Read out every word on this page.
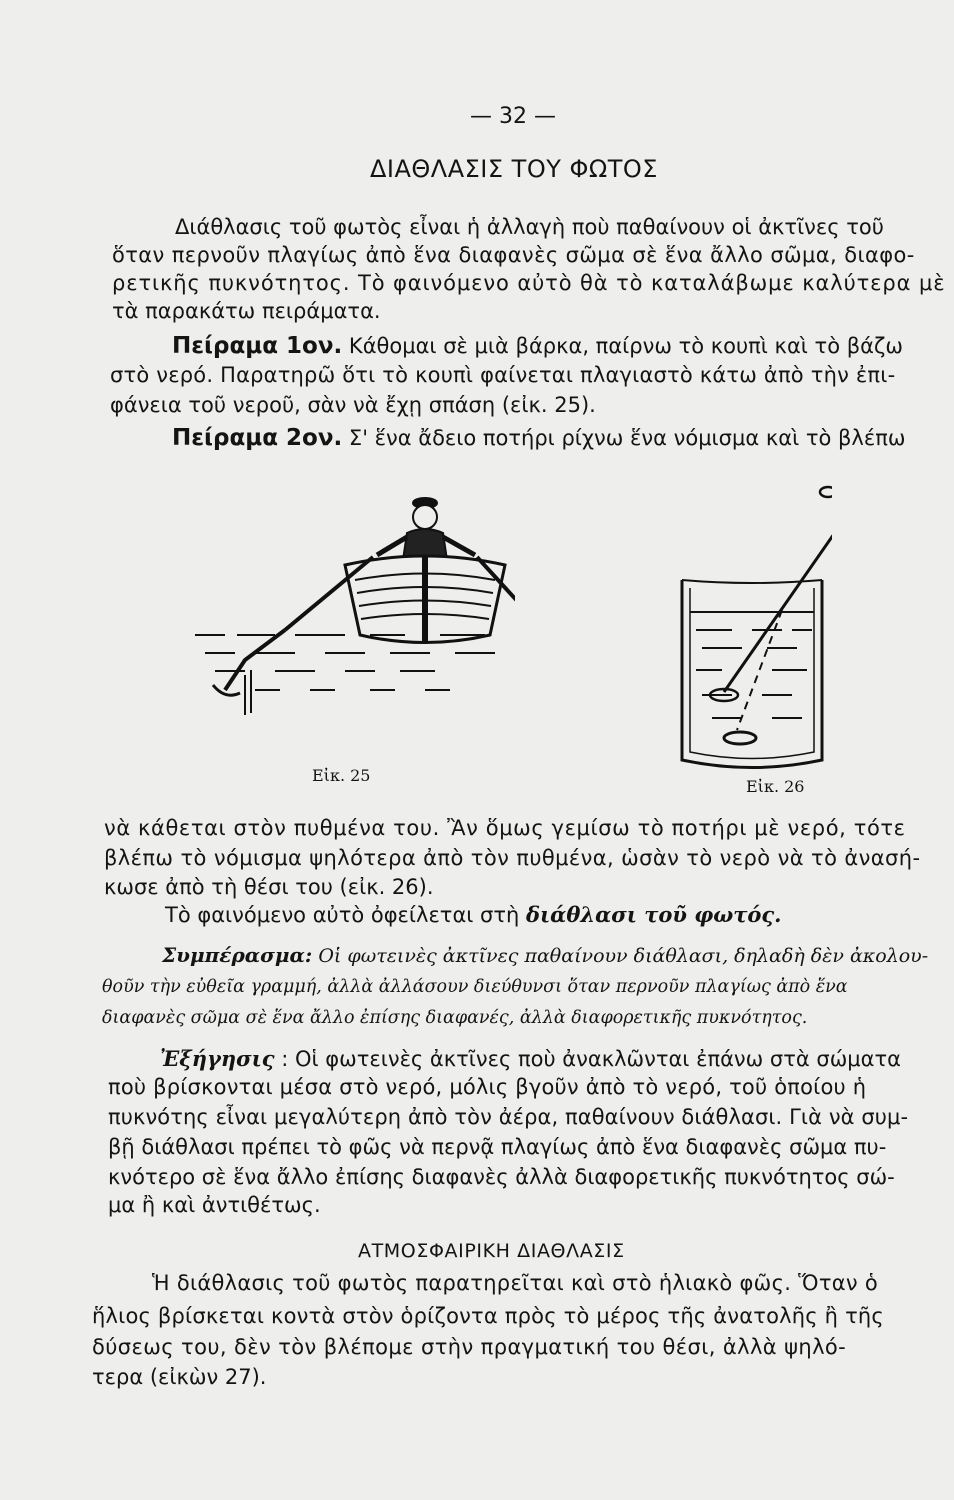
— 32 —
ΔΙΑΘΛΑΣΙΣ ΤΟΥ ΦΩΤΟΣ
Διάθλασις τοῦ φωτὸς εἶναι ἡ ἀλλαγὴ ποὺ παθαίνουν οἱ ἀκτῖνες τοῦ
ὅταν περνοῦν πλαγίως ἀπὸ ἕνα διαφανὲς σῶμα σὲ ἕνα ἄλλο σῶμα, διαφο-
ρετικῆς πυκνότητος. Τὸ φαινόμενο αὐτὸ θὰ τὸ καταλάβωμε καλύτερα μὲ
τὰ παρακάτω πειράματα.
Πείραμα 1ον. Κάθομαι σὲ μιὰ βάρκα, παίρνω τὸ κουπὶ καὶ τὸ βάζω
στὸ νερό. Παρατηρῶ ὅτι τὸ κουπὶ φαίνεται πλαγιαστὸ κάτω ἀπὸ τὴν ἐπι-
φάνεια τοῦ νεροῦ, σὰν νὰ ἔχῃ σπάση (εἰκ. 25).
Πείραμα 2ον. Σ' ἕνα ἄδειο ποτήρι ρίχνω ἕνα νόμισμα καὶ τὸ βλέπω
Εἰκ. 25
Εἰκ. 26
νὰ κάθεται στὸν πυθμένα του. Ἂν ὅμως γεμίσω τὸ ποτήρι μὲ νερό, τότε
βλέπω τὸ νόμισμα ψηλότερα ἀπὸ τὸν πυθμένα, ὡσὰν τὸ νερὸ νὰ τὸ ἀνασή-
κωσε ἀπὸ τὴ θέσι του (εἰκ. 26).
Τὸ φαινόμενο αὐτὸ ὀφείλεται στὴ διάθλασι τοῦ φωτός.
Συμπέρασμα: Οἱ φωτεινὲς ἀκτῖνες παθαίνουν διάθλασι, δηλαδὴ δὲν ἀκολου-
θοῦν τὴν εὐθεῖα γραμμή, ἀλλὰ ἀλλάσουν διεύθυνσι ὅταν περνοῦν πλαγίως ἀπὸ ἕνα
διαφανὲς σῶμα σὲ ἕνα ἄλλο ἐπίσης διαφανές, ἀλλὰ διαφορετικῆς πυκνότητος.
Ἐξήγησις : Οἱ φωτεινὲς ἀκτῖνες ποὺ ἀνακλῶνται ἐπάνω στὰ σώματα
ποὺ βρίσκονται μέσα στὸ νερό, μόλις βγοῦν ἀπὸ τὸ νερό, τοῦ ὁποίου ἡ
πυκνότης εἶναι μεγαλύτερη ἀπὸ τὸν ἀέρα, παθαίνουν διάθλασι. Γιὰ νὰ συμ-
βῇ διάθλασι πρέπει τὸ φῶς νὰ περνᾷ πλαγίως ἀπὸ ἕνα διαφανὲς σῶμα πυ-
κνότερο σὲ ἕνα ἄλλο ἐπίσης διαφανὲς ἀλλὰ διαφορετικῆς πυκνότητος σώ-
μα ἢ καὶ ἀντιθέτως.
ΑΤΜΟΣΦΑΙΡΙΚΗ ΔΙΑΘΛΑΣΙΣ
Ἡ διάθλασις τοῦ φωτὸς παρατηρεῖται καὶ στὸ ἡλιακὸ φῶς. Ὅταν ὁ
ἥλιος βρίσκεται κοντὰ στὸν ὁρίζοντα πρὸς τὸ μέρος τῆς ἀνατολῆς ἢ τῆς
δύσεως του, δὲν τὸν βλέπομε στὴν πραγματική του θέσι, ἀλλὰ ψηλό-
τερα (εἰκὼν 27).
